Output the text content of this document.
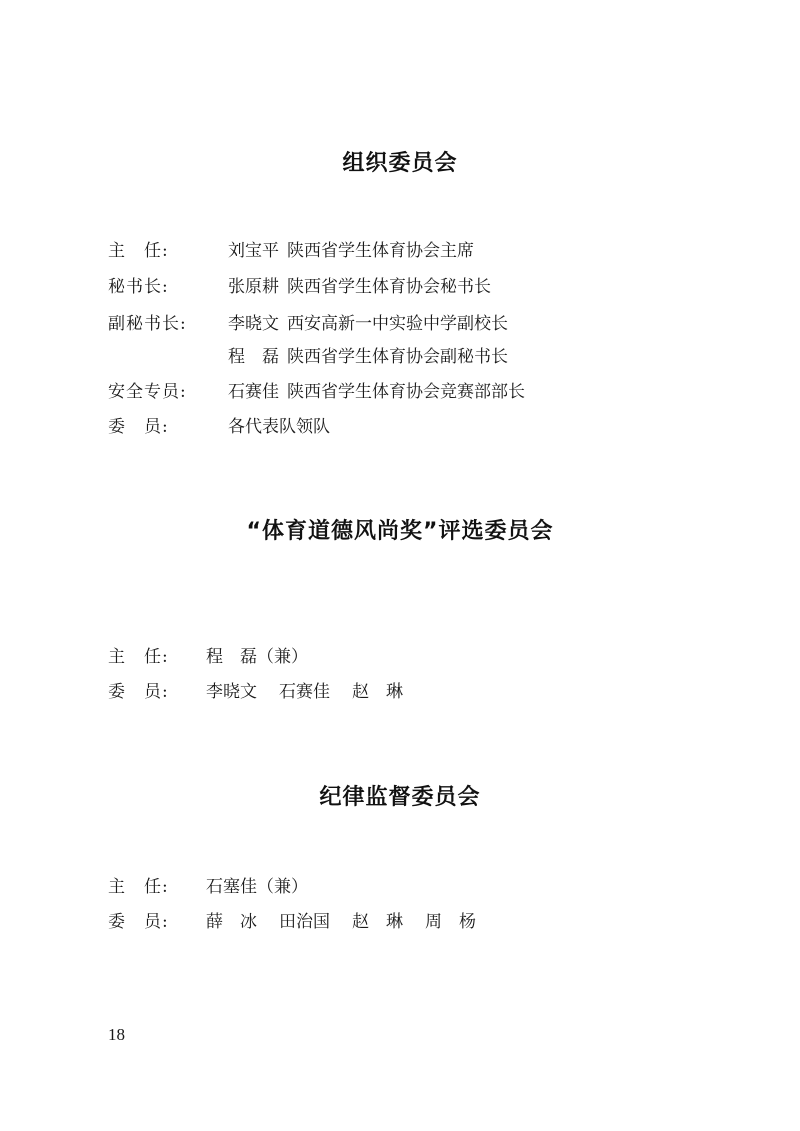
组织委员会
主　任:	刘宝平 陕西省学生体育协会主席
秘书长:	张原耕 陕西省学生体育协会秘书长
副秘书长: 李晓文 西安高新一中实验中学副校长
程　磊 陕西省学生体育协会副秘书长
安全专员: 石赛佳 陕西省学生体育协会竞赛部部长
委　员:	各代表队领队
“体育道德风尚奖”评选委员会
主　任: 程　磊（兼）
委　员: 李晓文 石赛佳 赵　琳
纪律监督委员会
主　任: 石塞佳（兼）
委　员: 薛　冰 田治国 赵　琳 周　杨
18
